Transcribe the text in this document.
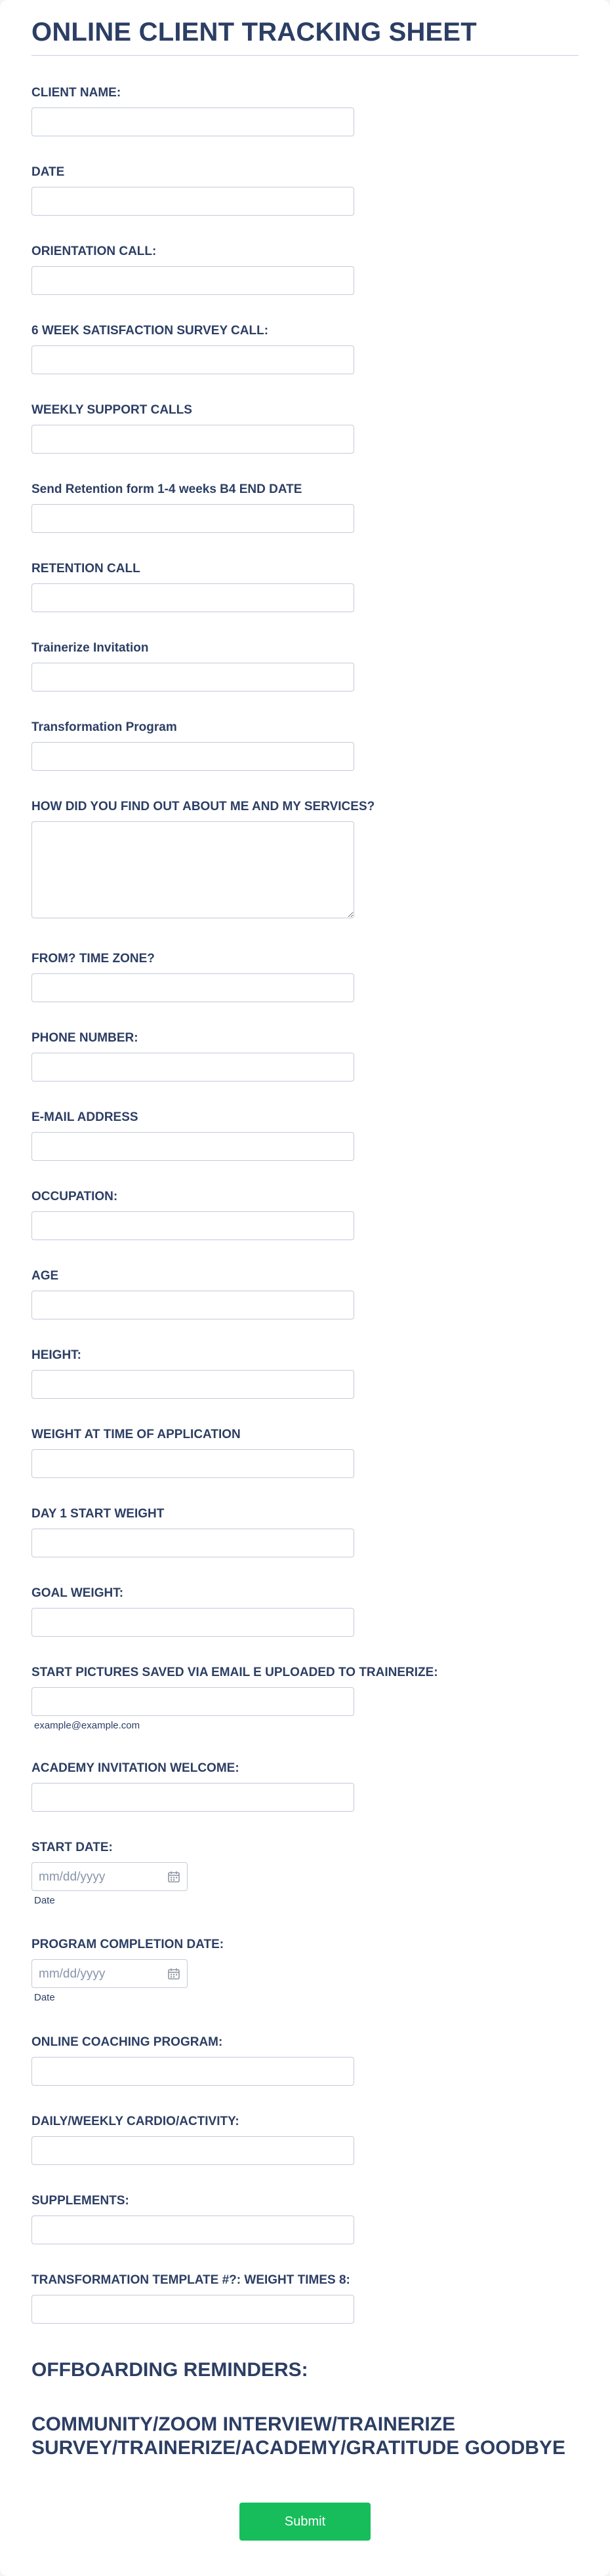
ONLINE CLIENT TRACKING SHEET
CLIENT NAME:
DATE
ORIENTATION CALL:
6 WEEK SATISFACTION SURVEY CALL:
WEEKLY SUPPORT CALLS
Send Retention form 1-4 weeks B4 END DATE
RETENTION CALL
Trainerize Invitation
Transformation Program
HOW DID YOU FIND OUT ABOUT ME AND MY SERVICES?
FROM? TIME ZONE?
PHONE NUMBER:
E-MAIL ADDRESS
OCCUPATION:
AGE
HEIGHT:
WEIGHT AT TIME OF APPLICATION
DAY 1 START WEIGHT
GOAL WEIGHT:
START PICTURES SAVED VIA EMAIL E UPLOADED TO TRAINERIZE:
example@example.com
ACADEMY INVITATION WELCOME:
START DATE:
mm/dd/yyyy
Date
PROGRAM COMPLETION DATE:
mm/dd/yyyy
Date
ONLINE COACHING PROGRAM:
DAILY/WEEKLY CARDIO/ACTIVITY:
SUPPLEMENTS:
TRANSFORMATION TEMPLATE #?: WEIGHT TIMES 8:
OFFBOARDING REMINDERS:
COMMUNITY/ZOOM INTERVIEW/TRAINERIZE SURVEY/TRAINERIZE/ACADEMY/GRATITUDE GOODBYE
Submit
